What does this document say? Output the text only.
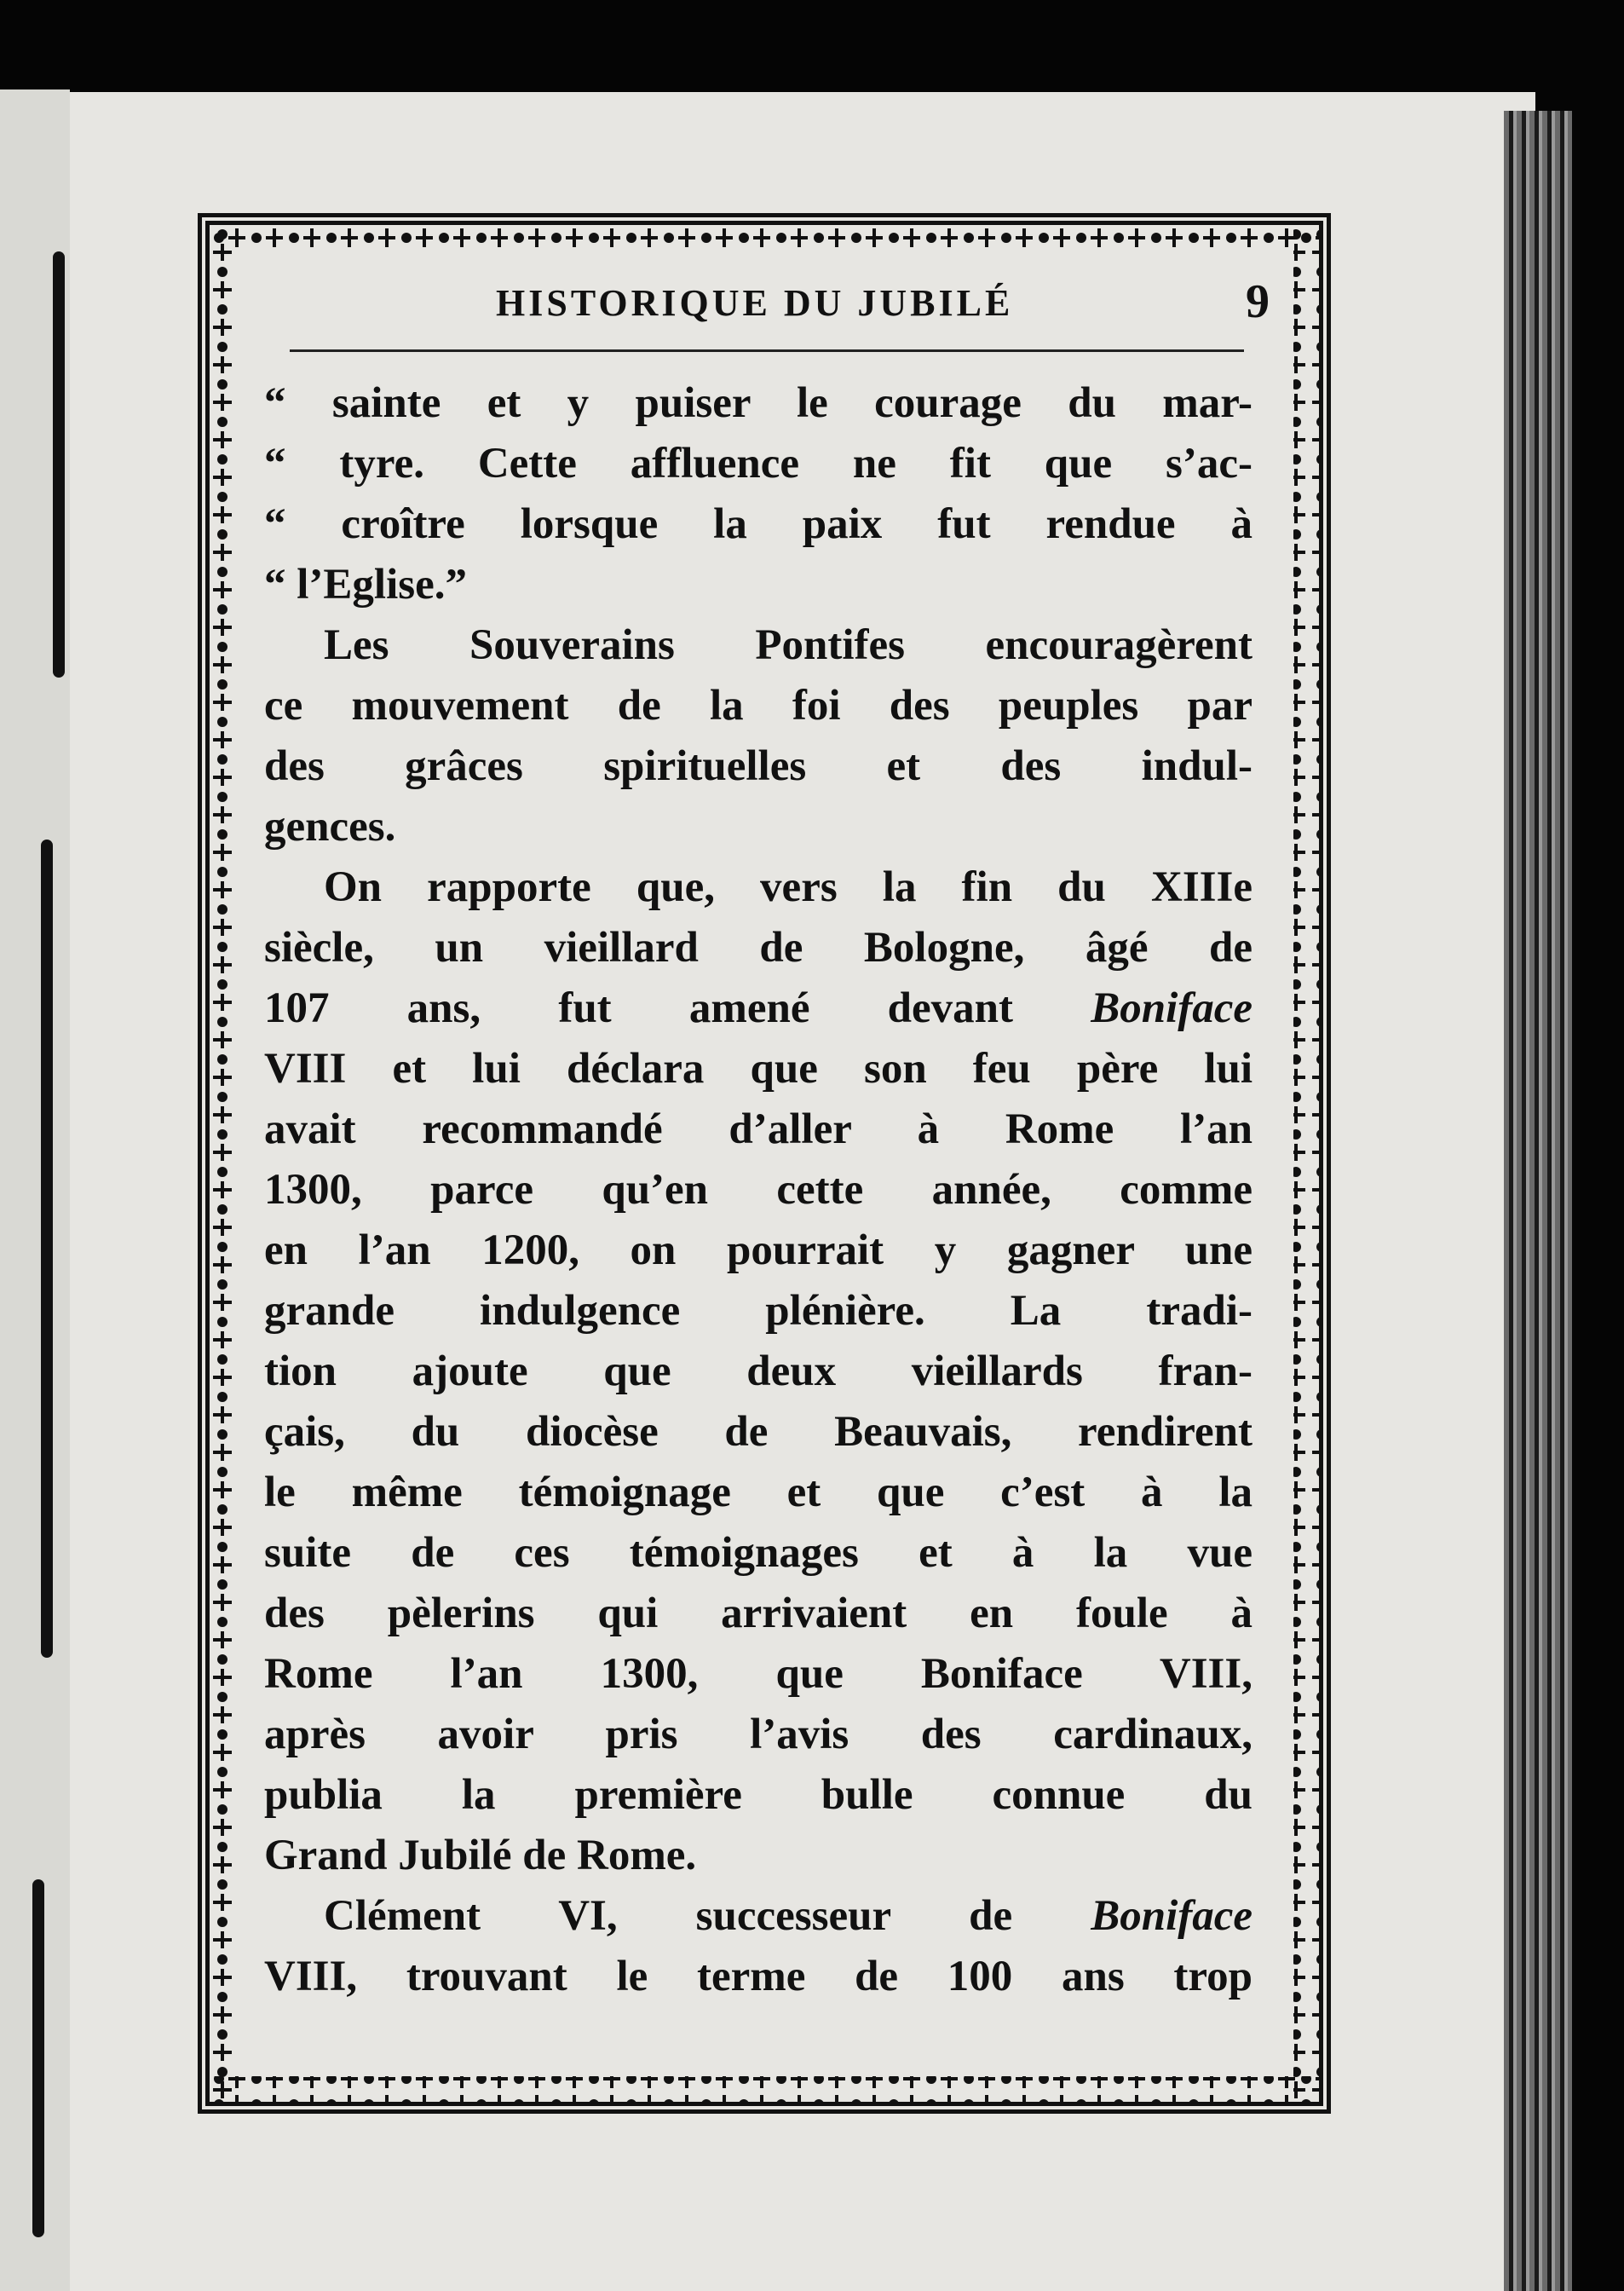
HISTORIQUE DU JUBILÉ	9
“ sainte et y puiser le courage du mar-
“ tyre. Cette affluence ne fit que s’ac-
“ croître lorsque la paix fut rendue à
“ l’Eglise.”
Les Souverains Pontifes encouragèrent
ce mouvement de la foi des peuples par
des grâces spirituelles et des indul-
gences.
On rapporte que, vers la fin du XIIIe
siècle, un vieillard de Bologne, âgé de
107 ans, fut amené devant Boniface
VIII et lui déclara que son feu père lui
avait recommandé d’aller à Rome l’an
1300, parce qu’en cette année, comme
en l’an 1200, on pourrait y gagner une
grande indulgence plénière. La tradi-
tion ajoute que deux vieillards fran-
çais, du diocèse de Beauvais, rendirent
le même témoignage et que c’est à la
suite de ces témoignages et à la vue
des pèlerins qui arrivaient en foule à
Rome l’an 1300, que Boniface VIII,
après avoir pris l’avis des cardinaux,
publia la première bulle connue du
Grand Jubilé de Rome.
Clément VI, successeur de Boniface
VIII, trouvant le terme de 100 ans trop
